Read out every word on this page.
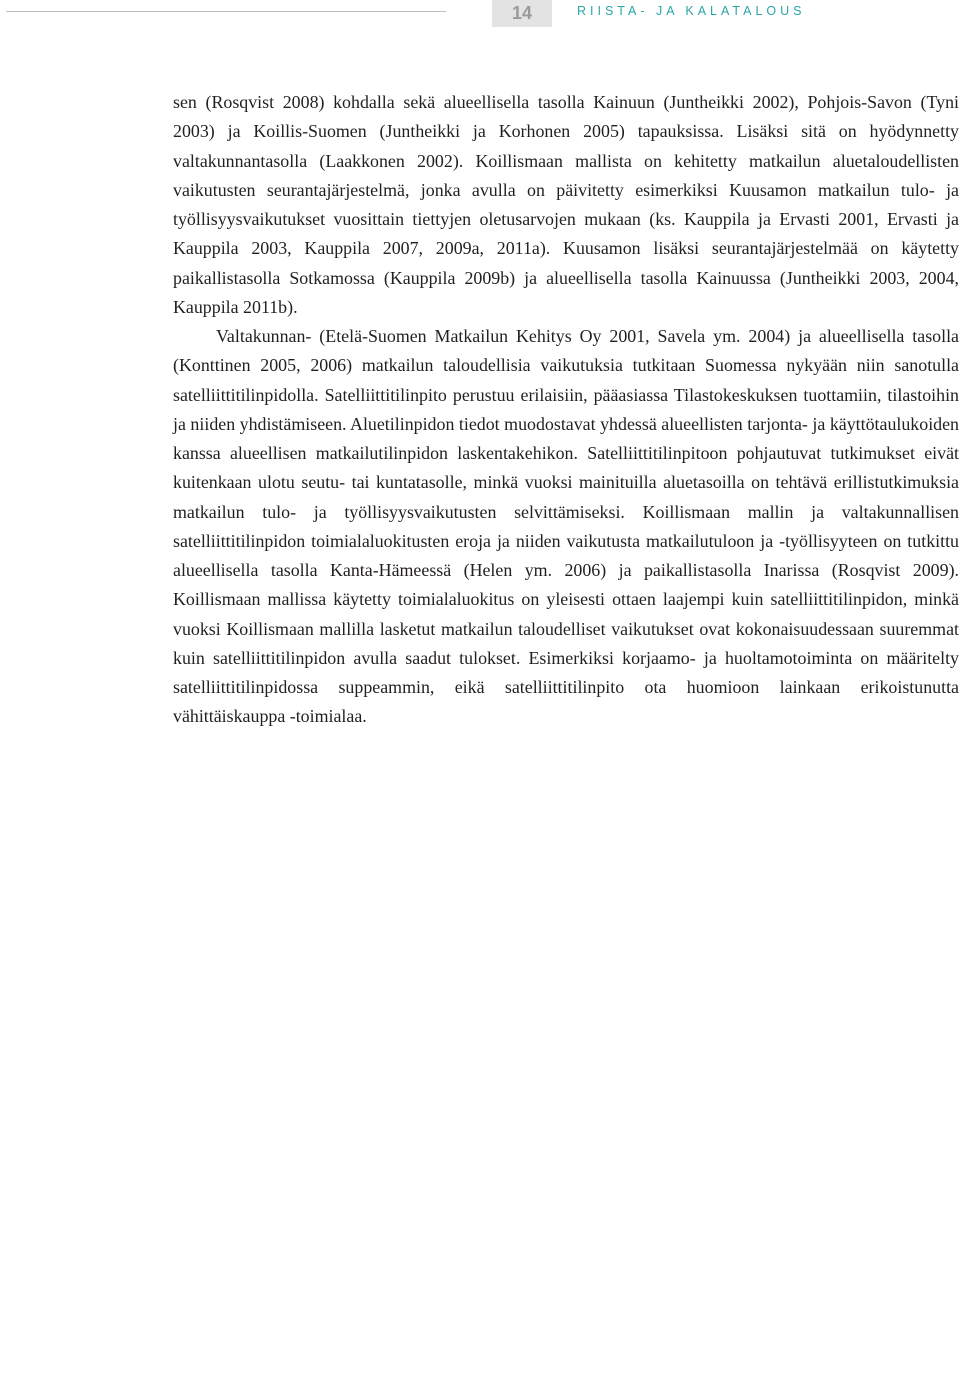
14	RIISTA- JA KALATALOUS

sen (Rosqvist 2008) kohdalla sekä alueellisella tasolla Kainuun (Juntheikki 2002), Pohjois-Savon (Tyni 2003) ja Koillis-Suomen (Juntheikki ja Korhonen 2005) tapauksissa. Lisäksi sitä on hyödynnetty valtakunnantasolla (Laakkonen 2002). Koillismaan mallista on kehitetty matkailun aluetaloudellisten vaikutusten seurantajärjestelmä, jonka avulla on päivitetty esimerkiksi Kuusamon matkailun tulo- ja työllisyysvaikutukset vuosittain tiettyjen oletusarvojen mukaan (ks. Kauppila ja Ervasti 2001, Ervasti ja Kauppila 2003, Kauppila 2007, 2009a, 2011a). Kuusamon lisäksi seurantajärjestelmää on käytetty paikallistasolla Sotkamossa (Kauppila 2009b) ja alueellisella tasolla Kainuussa (Juntheikki 2003, 2004, Kauppila 2011b).

Valtakunnan- (Etelä-Suomen Matkailun Kehitys Oy 2001, Savela ym. 2004) ja alueellisella tasolla (Konttinen 2005, 2006) matkailun taloudellisia vaikutuksia tutkitaan Suomessa nykyään niin sanotulla satelliittitilinpidolla. Satelliittitilinpito perustuu erilaisiin, pääasiassa Tilastokeskuksen tuottamiin, tilastoihin ja niiden yhdistämiseen. Aluetilinpidon tiedot muodostavat yhdessä alueellisten tarjonta- ja käyttötaulukoiden kanssa alueellisen matkailutilinpidon laskentakehikon. Satelliittitilinpitoon pohjautuvat tutkimukset eivät kuitenkaan ulotu seutu- tai kuntatasolle, minkä vuoksi mainituilla aluetasoilla on tehtävä erillistutkimuksia matkailun tulo- ja työllisyysvaikutusten selvittämiseksi. Koillismaan mallin ja valtakunnallisen satelliittitilinpidon toimialaluokitusten eroja ja niiden vaikutusta matkailutuloon ja -työllisyyteen on tutkittu alueellisella tasolla Kanta-Hämeessä (Helen ym. 2006) ja paikallistasolla Inarissa (Rosqvist 2009). Koillismaan mallissa käytetty toimialaluokitus on yleisesti ottaen laajempi kuin satelliittitilinpidon, minkä vuoksi Koillismaan mallilla lasketut matkailun taloudelliset vaikutukset ovat kokonaisuudessaan suuremmat kuin satelliittitilinpidon avulla saadut tulokset. Esimerkiksi korjaamo- ja huoltamotoiminta on määritelty satelliittitilinpidossa suppeammin, eikä satelliittitilinpito ota huomioon lainkaan erikoistunutta vähittäiskauppa -toimialaa.
